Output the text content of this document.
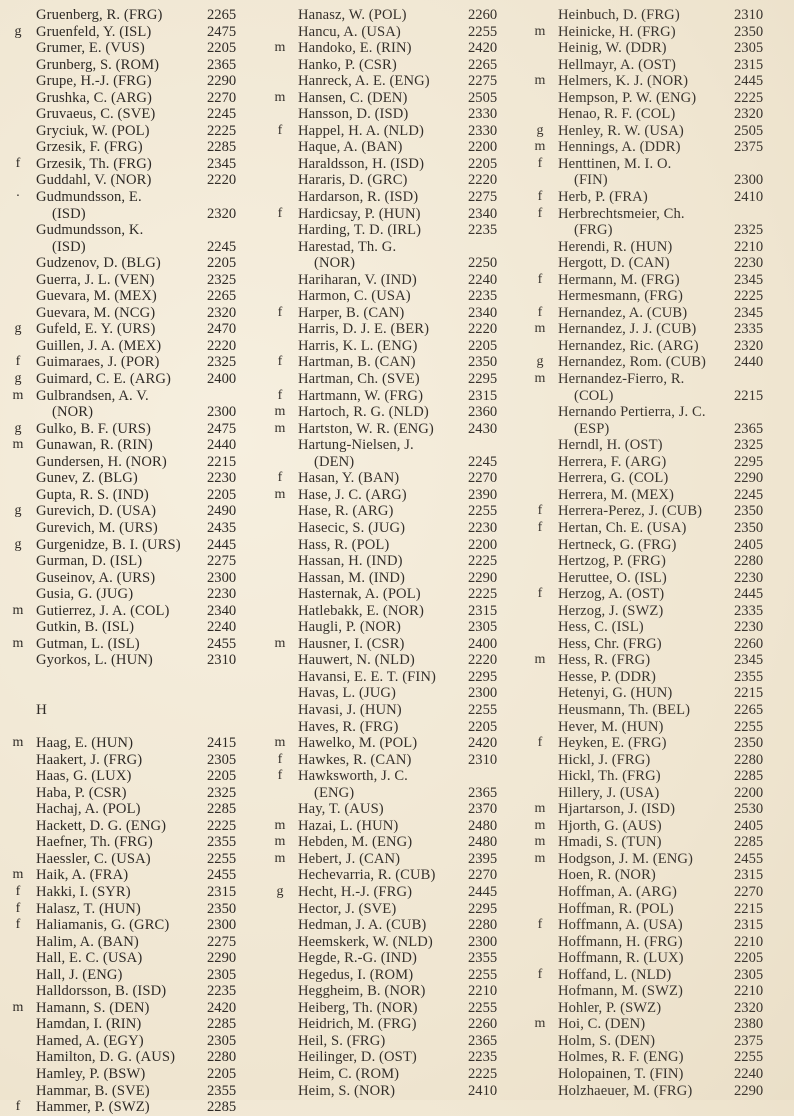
Gruenberg, R. (FRG)	2265
g Gruenfeld, Y. (ISL)	2475
Grumer, E. (VUS)	2205
Grunberg, S. (ROM)	2365
Grupe, H.-J. (FRG)	2290
Grushka, C. (ARG)	2270
Gruvaeus, C. (SVE)	2245
Gryciuk, W. (POL)	2225
Grzesik, F. (FRG)	2285
f	Grzesik, Th. (FRG)	2345
Guddahl, V. (NOR)	2220
·	Gudmundsson, E.
(ISD)	2320
Gudmundsson, K.
(ISD)	2245
Gudzenov, D. (BLG)	2205
Guerra, J. L. (VEN)	2325
Guevara, M. (MEX)	2265
Guevara, M. (NCG)	2320
g Gufeld, E. Y. (URS)	2470
Guillen, J. A. (MEX)	2220
f	Guimaraes, J. (POR)	2325
g Guimard, C. E. (ARG) 2400
m Gulbrandsen, A. V.
(NOR)	2300
g Gulko, B. F. (URS)	2475
m Gunawan, R. (RIN)	2440
Gundersen, H. (NOR)	2215
Gunev, Z. (BLG)	2230
Gupta, R. S. (IND)	2205
g Gurevich, D. (USA)	2490
Gurevich, M. (URS)	2435
g Gurgenidze, B. I. (URS) 2445
Gurman, D. (ISL)	2275
Guseinov, A. (URS)	2300
Gusia, G. (JUG)	2230
m Gutierrez, J. A. (COL)	2340
Gutkin, B. (ISL)	2240
m Gutman, L. (ISL)	2455
Gyorkos, L. (HUN)	2310
H
m Haag, E. (HUN)	2415
Haakert, J. (FRG)	2305
Haas, G. (LUX)	2205
Haba, P. (CSR)	2325
Hachaj, A. (POL)	2285
Hackett, D. G. (ENG)	2225
Haefner, Th. (FRG)	2355
Haessler, C. (USA)	2255
m Haik, A. (FRA)	2455
f	Hakki, I. (SYR)	2315
f	Halasz, T. (HUN)	2350
f	Haliamanis, G. (GRC)	2300
Halim, A. (BAN)	2275
Hall, E. C. (USA)	2290
Hall, J. (ENG)	2305
Halldorsson, B. (ISD)	2235
m Hamann, S. (DEN)	2420
Hamdan, I. (RIN)	2285
Hamed, A. (EGY)	2305
Hamilton, D. G. (AUS) 2280
Hamley, P. (BSW)	2205
Hammar, B. (SVE)	2355
f	Hammer, P. (SWZ)	2285
Hanasz, W. (POL)	2260
Hancu, A. (USA)	2255
m Handoko, E. (RIN)	2420
Hanko, P. (CSR)	2265
Hanreck, A. E. (ENG)	2275
m Hansen, C. (DEN)	2505
Hansson, D. (ISD)	2330
f	Happel, H. A. (NLD)	2330
Haque, A. (BAN)	2200
Haraldsson, H. (ISD)	2205
Hararis, D. (GRC)	2220
Hardarson, R. (ISD)	2275
f	Hardicsay, P. (HUN)	2340
Harding, T. D. (IRL)	2235
Harestad, Th. G.
(NOR)	2250
Hariharan, V. (IND)	2240
Harmon, C. (USA)	2235
f	Harper, B. (CAN)	2340
Harris, D. J. E. (BER)	2220
Harris, K. L. (ENG)	2205
f	Hartman, B. (CAN)	2350
Hartman, Ch. (SVE)	2295
f	Hartmann, W. (FRG)	2315
m Hartoch, R. G. (NLD)	2360
m Hartston, W. R. (ENG) 2430
Hartung-Nielsen, J.
(DEN)	2245
f	Hasan, Y. (BAN)	2270
m Hase, J. C. (ARG)	2390
Hase, R. (ARG)	2255
Hasecic, S. (JUG)	2230
Hass, R. (POL)	2200
Hassan, H. (IND)	2225
Hassan, M. (IND)	2290
Hasternak, A. (POL)	2225
Hatlebakk, E. (NOR)	2315
Haugli, P. (NOR)	2305
m Hausner, I. (CSR)	2400
Hauwert, N. (NLD)	2220
Havansi, E. E. T. (FIN) 2295
Havas, L. (JUG)	2300
Havasi, J. (HUN)	2255
Haves, R. (FRG)	2205
m Hawelko, M. (POL)	2420
f	Hawkes, R. (CAN)	2310
f	Hawksworth, J. C.
(ENG)	2365
Hay, T. (AUS)	2370
m Hazai, L. (HUN)	2480
m Hebden, M. (ENG)	2480
m Hebert, J. (CAN)	2395
Hechevarria, R. (CUB) 2270
g Hecht, H.-J. (FRG)	2445
Hector, J. (SVE)	2295
Hedman, J. A. (CUB)	2280
Heemskerk, W. (NLD) 2300
Hegde, R.-G. (IND)	2355
Hegedus, I. (ROM)	2255
Heggheim, B. (NOR)	2210
Heiberg, Th. (NOR)	2255
Heidrich, M. (FRG)	2260
Heil, S. (FRG)	2365
Heilinger, D. (OST)	2235
Heim, C. (ROM)	2225
Heim, S. (NOR)	2410
Heinbuch, D. (FRG)	2310
m Heinicke, H. (FRG)	2350
Heinig, W. (DDR)	2305
Hellmayr, A. (OST)	2315
m Helmers, K. J. (NOR)	2445
Hempson, P. W. (ENG)	2225
Henao, R. F. (COL)	2320
g Henley, R. W. (USA)	2505
m Hennings, A. (DDR)	2375
f	Henttinen, M. I. O.
(FIN)	2300
f	Herb, P. (FRA)	2410
f	Herbrechtsmeier, Ch.
(FRG)	2325
Herendi, R. (HUN)	2210
Hergott, D. (CAN)	2230
f	Hermann, M. (FRG)	2345
Hermesmann, (FRG)	2225
f	Hernandez, A. (CUB)	2345
m Hernandez, J. J. (CUB)	2335
Hernandez, Ric. (ARG) 2320
g Hernandez, Rom. (CUB) 2440
m Hernandez-Fierro, R.
(COL)	2215
Hernando Pertierra, J. C.
(ESP)	2365
Herndl, H. (OST)	2325
Herrera, F. (ARG)	2295
Herrera, G. (COL)	2290
Herrera, M. (MEX)	2245
f	Herrera-Perez, J. (CUB) 2350
f	Hertan, Ch. E. (USA)	2350
Hertneck, G. (FRG)	2405
Hertzog, P. (FRG)	2280
Heruttee, O. (ISL)	2230
f	Herzog, A. (OST)	2445
Herzog, J. (SWZ)	2335
Hess, C. (ISL)	2230
Hess, Chr. (FRG)	2260
m Hess, R. (FRG)	2345
Hesse, P. (DDR)	2355
Hetenyi, G. (HUN)	2215
Heusmann, Th. (BEL)	2265
Hever, M. (HUN)	2255
f	Heyken, E. (FRG)	2350
Hickl, J. (FRG)	2280
Hickl, Th. (FRG)	2285
Hillery, J. (USA)	2200
m Hjartarson, J. (ISD)	2530
m Hjorth, G. (AUS)	2405
m Hmadi, S. (TUN)	2285
m Hodgson, J. M. (ENG)	2455
Hoen, R. (NOR)	2315
Hoffman, A. (ARG)	2270
Hoffman, R. (POL)	2215
f	Hoffmann, A. (USA)	2315
Hoffmann, H. (FRG)	2210
Hoffmann, R. (LUX)	2205
f	Hoffand, L. (NLD)	2305
Hofmann, M. (SWZ)	2210
Hohler, P. (SWZ)	2320
m Hoi, C. (DEN)	2380
Holm, S. (DEN)	2375
Holmes, R. F. (ENG)	2255
Holopainen, T. (FIN)	2240
Holzhaeuer, M. (FRG)	2290
